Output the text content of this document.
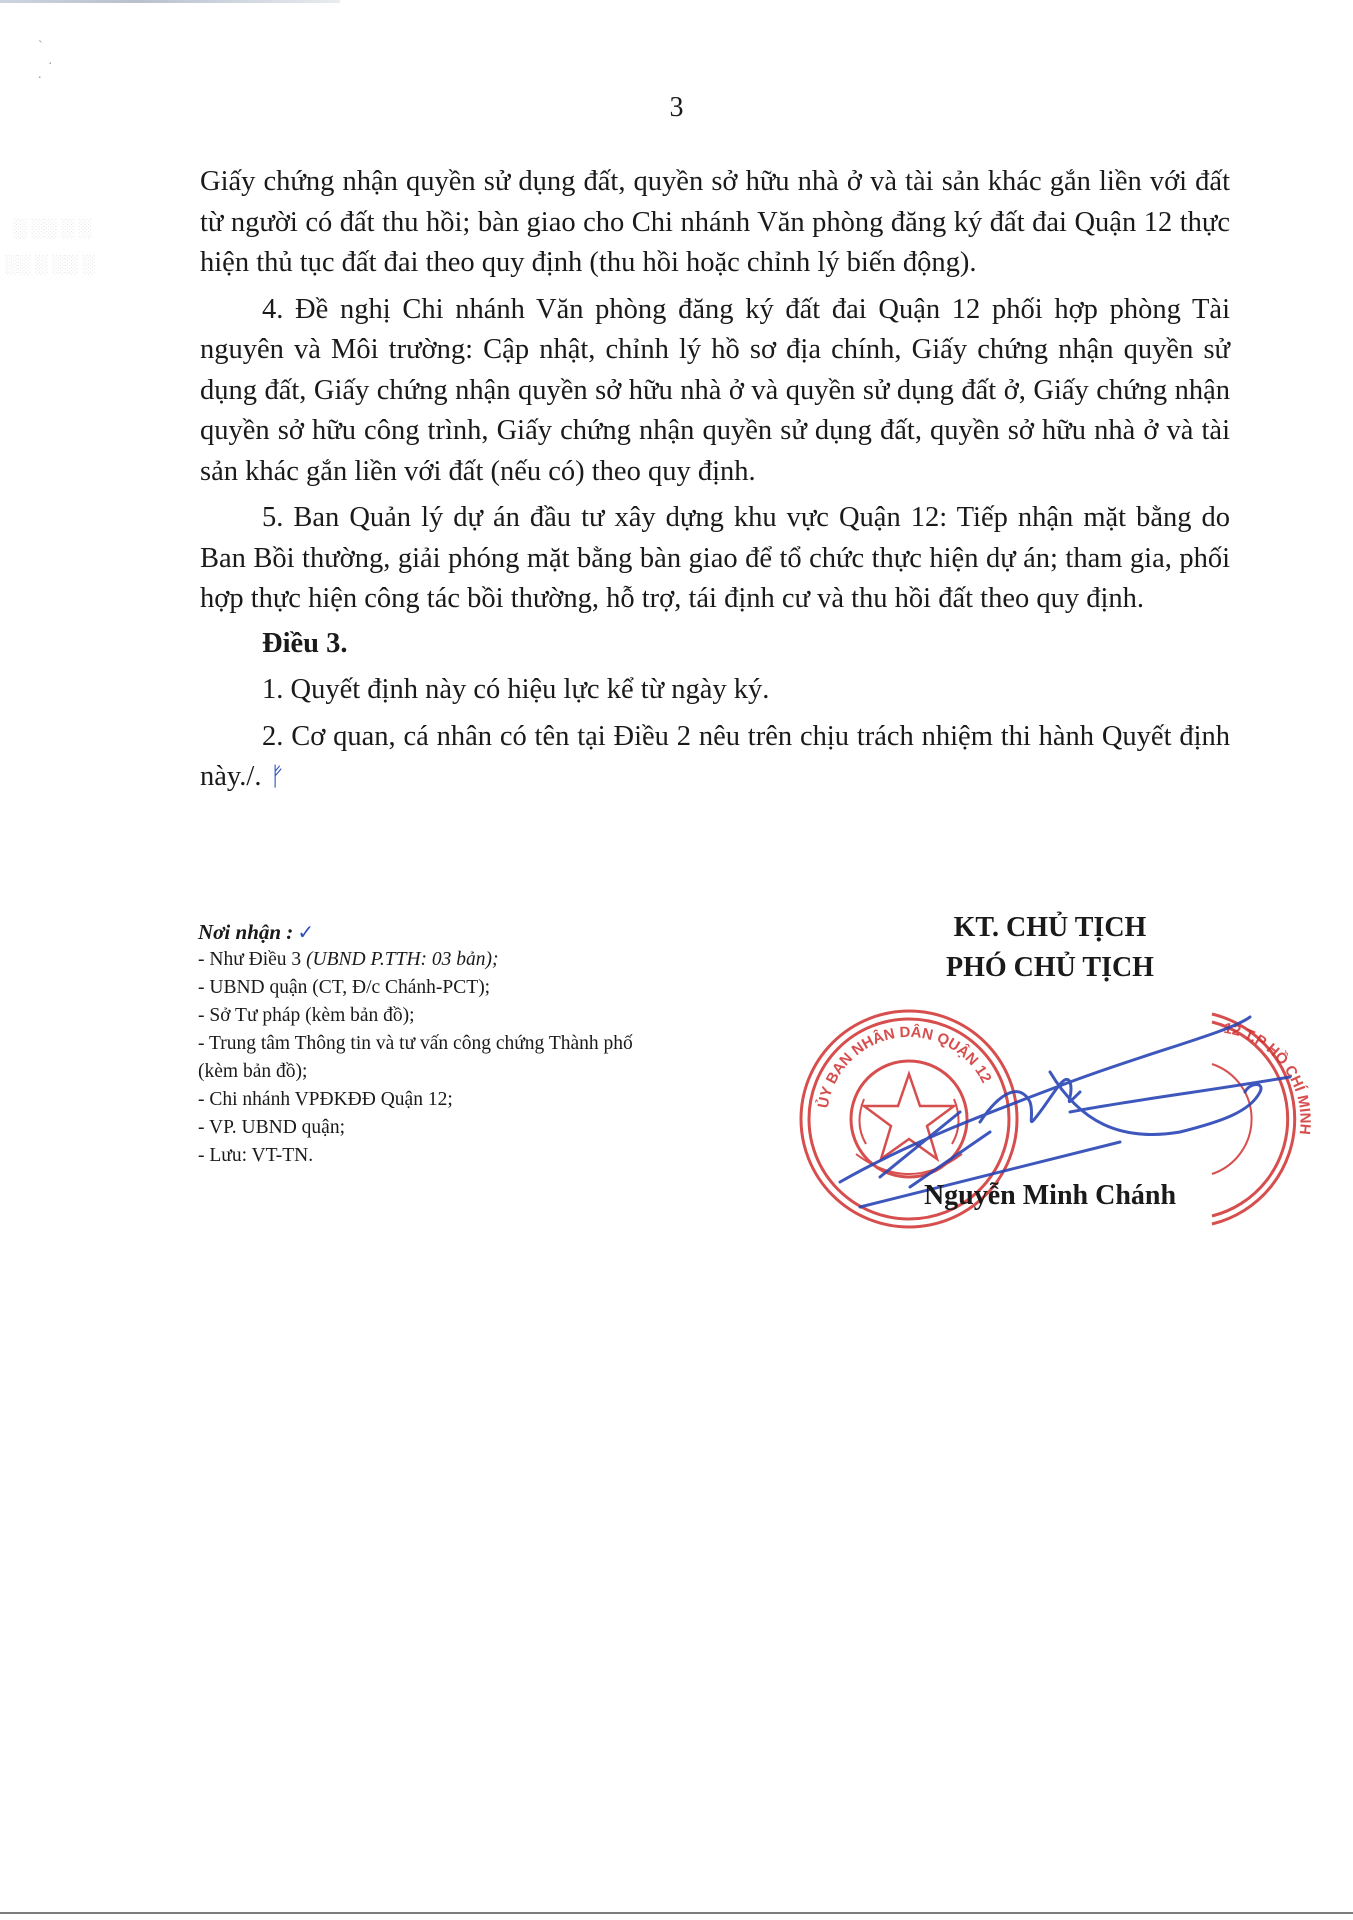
`
.
.
░ ░░ ░ ░
░░ ░ ░░ ░
3

Giấy chứng nhận quyền sử dụng đất, quyền sở hữu nhà ở và tài sản khác gắn liền với đất từ người có đất thu hồi; bàn giao cho Chi nhánh Văn phòng đăng ký đất đai Quận 12 thực hiện thủ tục đất đai theo quy định (thu hồi hoặc chỉnh lý biến động).

4. Đề nghị Chi nhánh Văn phòng đăng ký đất đai Quận 12 phối hợp phòng Tài nguyên và Môi trường: Cập nhật, chỉnh lý hồ sơ địa chính, Giấy chứng nhận quyền sử dụng đất, Giấy chứng nhận quyền sở hữu nhà ở và quyền sử dụng đất ở, Giấy chứng nhận quyền sở hữu công trình, Giấy chứng nhận quyền sử dụng đất, quyền sở hữu nhà ở và tài sản khác gắn liền với đất (nếu có) theo quy định.

5. Ban Quản lý dự án đầu tư xây dựng khu vực Quận 12: Tiếp nhận mặt bằng do Ban Bồi thường, giải phóng mặt bằng bàn giao để tổ chức thực hiện dự án; tham gia, phối hợp thực hiện công tác bồi thường, hỗ trợ, tái định cư và thu hồi đất theo quy định.

Điều 3.

1. Quyết định này có hiệu lực kể từ ngày ký.

2. Cơ quan, cá nhân có tên tại Điều 2 nêu trên chịu trách nhiệm thi hành Quyết định này./. ᚠ

Nơi nhận : ✓
- Như Điều 3 (UBND P.TTH: 03 bản);
- UBND quận (CT, Đ/c Chánh-PCT);
- Sở Tư pháp (kèm bản đồ);
- Trung tâm Thông tin và tư vấn công chứng Thành phố (kèm bản đồ);
- Chi nhánh VPĐKĐĐ Quận 12;
- VP. UBND quận;
- Lưu: VT-TN.
KT. CHỦ TỊCH
PHÓ CHỦ TỊCH
ỦY BAN NHÂN DÂN QUẬN 12
12 T.P HỒ CHÍ MINH
Nguyễn Minh Chánh
